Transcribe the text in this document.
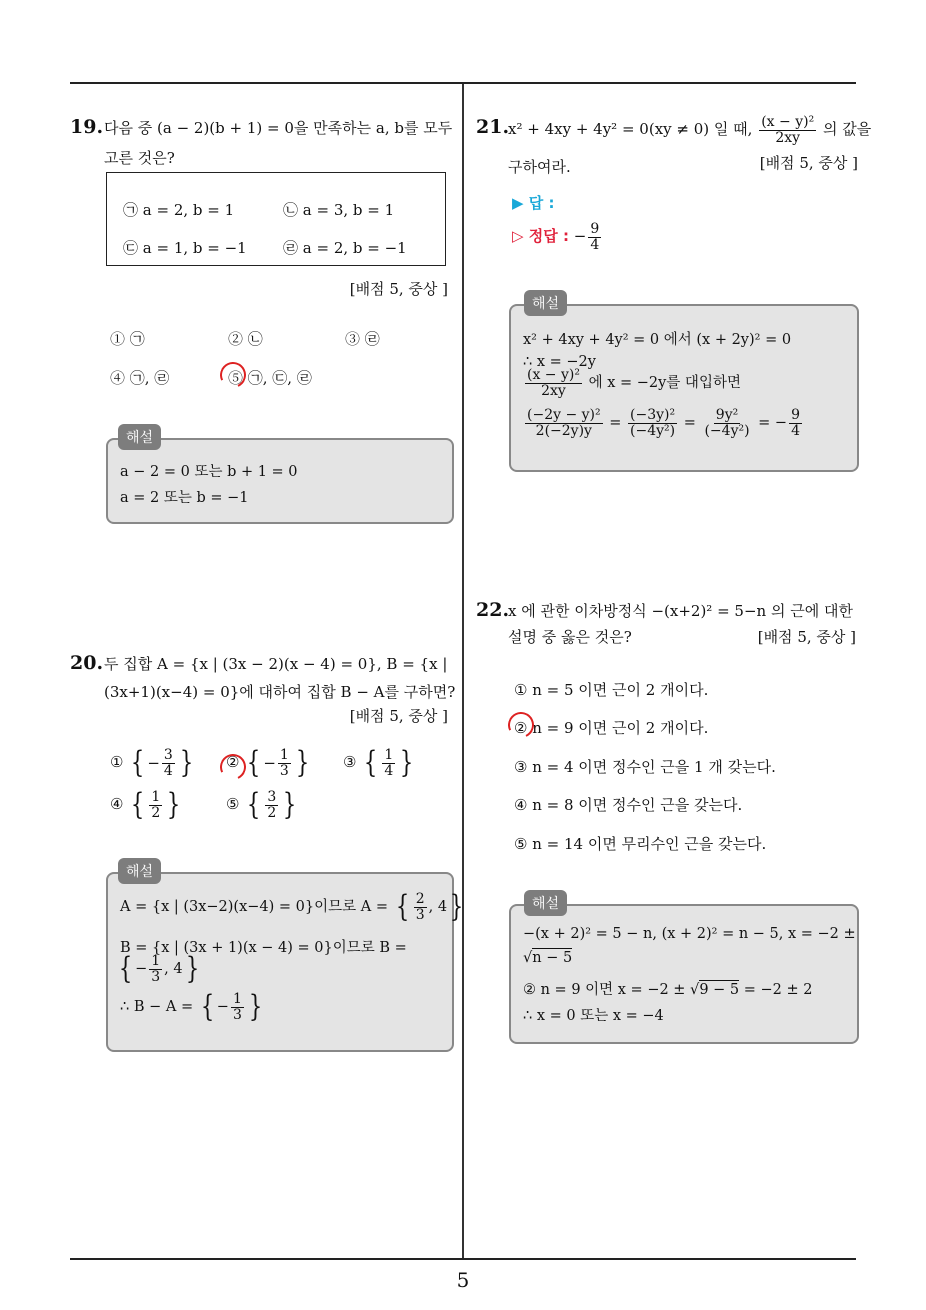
5
19. 다음 중 (a − 2)(b + 1) = 0을 만족하는 a, b를 모두
고른 것은?
㉠ a = 2, b = 1	㉡ a = 3, b = 1
㉢ a = 1, b = −1 ㉣ a = 2, b = −1
[배점 5, 중상 ]
① ㉠	② ㉡	③ ㉣
④ ㉠, ㉣	⑤ ㉠, ㉢, ㉣
a − 2 = 0 또는 b + 1 = 0
a = 2 또는 b = −1
해설
20. 두 집합 A = {x | (3x − 2)(x − 4) = 0}, B = {x |
(3x+1)(x−4) = 0}에 대하여 집합 B − A를 구하면?
[배점 5, 중상 ]
① { − $\frac{3}{4}$ } ② { − $\frac{1}{3}$ } ③ { $\frac{1}{4}$ }
④ { $\frac{1}{2}$ }	⑤ { $\frac{3}{2}$ }
A = {x | (3x−2)(x−4) = 0}이므로 A = { $\frac{2}{3}$ , 4 }
B = {x | (3x + 1)(x − 4) = 0}이므로 B =
{ − $\frac{1}{3}$ , 4 }
∴ B − A = { − $\frac{1}{3}$ }
해설
21.
x² + 4xy + 4y² = 0(xy ≠ 0) 일 때, $\frac{\text{(x − y)²}}{2xy}$ 의 값을
구하여라.	[배점 5, 중상 ]
▶ 답 :
▷ 정답 : − $\frac{9}{4}$
x² + 4xy + 4y² = 0 에서 (x + 2y)² = 0
∴ x = −2y
$\frac{\text{(x − y)²}}{2xy}$ 에 x = −2y를 대입하면
$\frac{\text{(−2y − y)²}}{2(-2y)y} = \frac{\text{(−3y)²}}{\text{(−4y²)}} = \frac{\text{9y²}}{\text{(−4y²)}}$ = − $\frac{9}{4}$
해설
22.
x 에 관한 이차방정식 −(x+2)² = 5−n 의 근에 대한
설명 중 옳은 것은?	[배점 5, 중상 ]
① n = 5 이면 근이 2 개이다.
② n = 9 이면 근이 2 개이다.
③ n = 4 이면 정수인 근을 1 개 갖는다.
④ n = 8 이면 정수인 근을 갖는다.
⑤ n = 14 이면 무리수인 근을 갖는다.
−(x + 2)² = 5 − n, (x + 2)² = n − 5, x = −2 ±
√n − 5
② n = 9 이면 x = −2 ± √9 − 5 = −2 ± 2
∴ x = 0 또는 x = −4
해설
